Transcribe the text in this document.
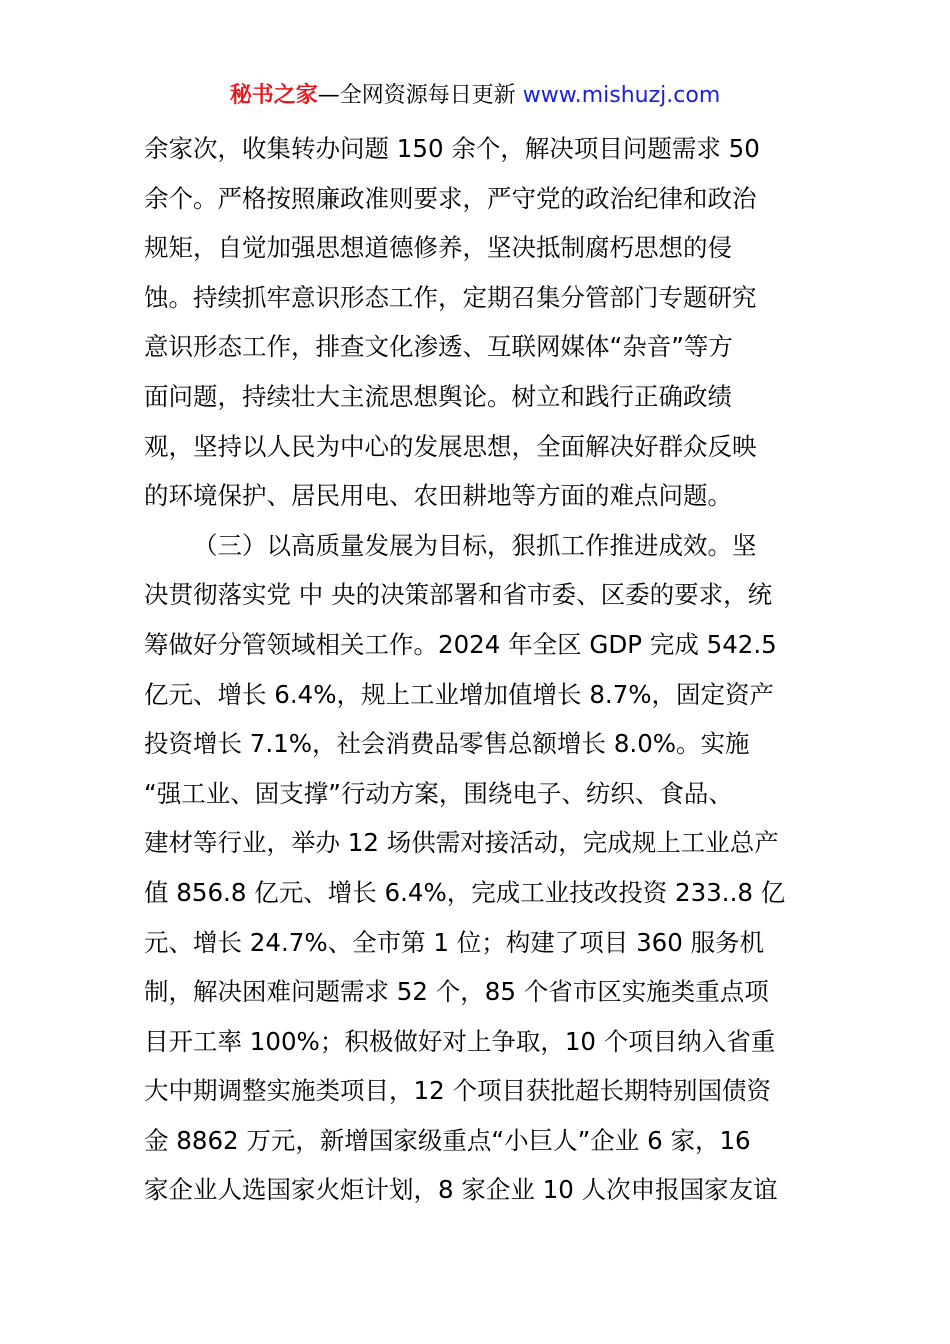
秘书之家—全网资源每日更新 www.mishuzj.com
余家次，收集转办问题 150 余个，解决项目问题需求 50
余个。严格按照廉政准则要求，严守党的政治纪律和政治
规矩，自觉加强思想道德修养，坚决抵制腐朽思想的侵
蚀。持续抓牢意识形态工作，定期召集分管部门专题研究
意识形态工作，排查文化渗透、互联网媒体“杂音”等方
面问题，持续壮大主流思想舆论。树立和践行正确政绩
观，坚持以人民为中心的发展思想，全面解决好群众反映
的环境保护、居民用电、农田耕地等方面的难点问题。
（三）以高质量发展为目标，狠抓工作推进成效。坚
决贯彻落实党 中 央的决策部署和省市委、区委的要求，统
筹做好分管领域相关工作。2024 年全区 GDP 完成 542.5
亿元、增长 6.4%，规上工业增加值增长 8.7%，固定资产
投资增长 7.1%，社会消费品零售总额增长 8.0%。实施
“强工业、固支撑”行动方案，围绕电子、纺织、食品、
建材等行业，举办 12 场供需对接活动，完成规上工业总产
值 856.8 亿元、增长 6.4%，完成工业技改投资 233..8 亿
元、增长 24.7%、全市第 1 位；构建了项目 360 服务机
制，解决困难问题需求 52 个，85 个省市区实施类重点项
目开工率 100%；积极做好对上争取，10 个项目纳入省重
大中期调整实施类项目，12 个项目获批超长期特别国债资
金 8862 万元，新增国家级重点“小巨人”企业 6 家，16
家企业人选国家火炬计划，8 家企业 10 人次申报国家友谊
